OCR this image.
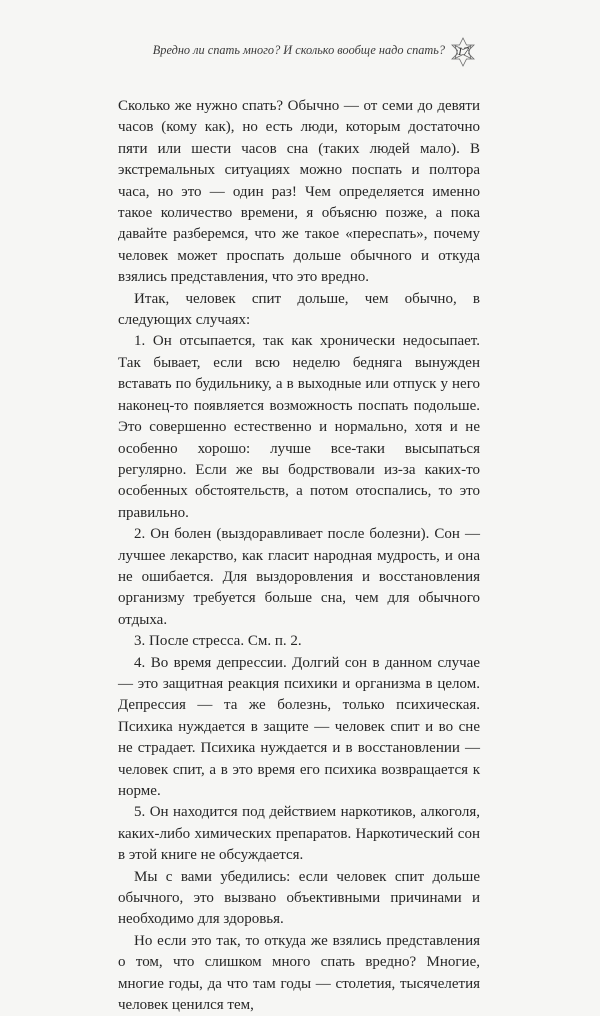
Вредно ли спать много? И сколько вообще надо спать?	17

Сколько же нужно спать? Обычно — от семи до девяти часов (кому как), но есть люди, которым достаточно пяти или шести часов сна (таких людей мало). В экстремальных ситуациях можно поспать и полтора часа, но это — один раз! Чем определяется именно такое количество времени, я объясню позже, а пока давайте разберемся, что же такое «переспать», почему человек может проспать дольше обычного и откуда взялись представления, что это вредно.

Итак, человек спит дольше, чем обычно, в следующих случаях:

1. Он отсыпается, так как хронически недосыпает. Так бывает, если всю неделю бедняга вынужден вставать по будильнику, а в выходные или отпуск у него наконец-то появляется возможность поспать подольше. Это совершенно естественно и нормально, хотя и не особенно хорошо: лучше все-таки высыпаться регулярно. Если же вы бодрствовали из-за каких-то особенных обстоятельств, а потом отоспались, то это правильно.

2. Он болен (выздоравливает после болезни). Сон — лучшее лекарство, как гласит народная мудрость, и она не ошибается. Для выздоровления и восстановления организму требуется больше сна, чем для обычного отдыха.

3. После стресса. См. п. 2.

4. Во время депрессии. Долгий сон в данном случае — это защитная реакция психики и организма в целом. Депрессия — та же болезнь, только психическая. Психика нуждается в защите — человек спит и во сне не страдает. Психика нуждается и в восстановлении — человек спит, а в это время его психика возвращается к норме.

5. Он находится под действием наркотиков, алкоголя, каких-либо химических препаратов. Наркотический сон в этой книге не обсуждается.

Мы с вами убедились: если человек спит дольше обычного, это вызвано объективными причинами и необходимо для здоровья.

Но если это так, то откуда же взялись представления о том, что слишком много спать вредно? Многие, многие годы, да что там годы — столетия, тысячелетия человек ценился тем,
